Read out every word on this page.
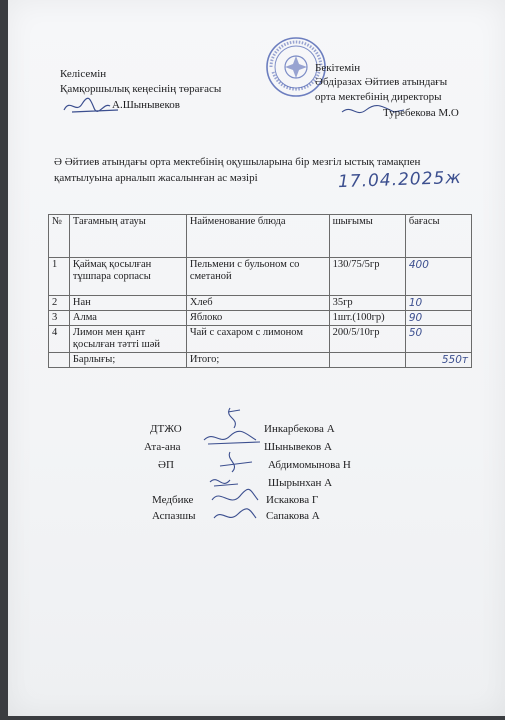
Келісемін
Қамқоршылық кеңесінің төрағасы
А.Шынывеков
Бекітемін
Әбдіразах Әйтиев атындағы
орта мектебінің директоры
Туребекова М.О
Ә Әйтиев атындағы орта мектебінің оқушыларына бір мезгіл ыстық тамақпен
қамтылуына арналып жасалынған ас мәзірі	17.04.2025ж
№	Тағамның атауы	Найменование блюда	шығымы	бағасы
1	Қаймақ қосылған тұшпара сорпасы	Пельмени с бульоном со сметаной	130/75/5гр	400
2	Нан	Хлеб	35гр	10
3	Алма	Яблоко	1шт.(100гр)	90
4	Лимон мен қант қосылған тәтті шәй	Чай с сахаром с лимоном	200/5/10гр	50
	Барлығы;	Итого;		550т
ДТЖО	Инкарбекова А
Ата-ана	Шынывеков А
ӘП	Абдимомынова Н
Шырынхан А
Медбике	Искакова Г
Аспазшы	Сапакова А
